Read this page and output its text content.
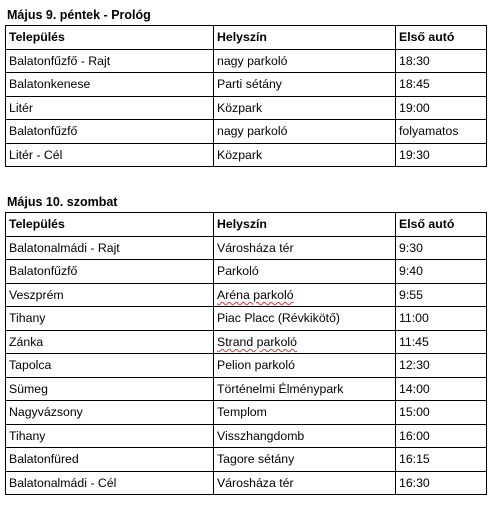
Május 9. péntek - Prológ
Település	Helyszín	Első autó
Balatonfűzfő - Rajt	nagy parkoló	18:30
Balatonkenese	Parti sétány	18:45
Litér	Közpark	19:00
Balatonfűzfő	nagy parkoló	folyamatos
Litér - Cél	Közpark	19:30
Május 10. szombat
Település	Helyszín	Első autó
Balatonalmádi - Rajt	Városháza tér	9:30
Balatonfűzfő	Parkoló	9:40
Veszprém	Aréna parkoló	9:55
Tihany	Piac Placc (Révkikötő)	11:00
Zánka	Strand parkoló	11:45
Tapolca	Pelion parkoló	12:30
Sümeg	Történelmi Élménypark	14:00
Nagyvázsony	Templom	15:00
Tihany	Visszhangdomb	16:00
Balatonfüred	Tagore sétány	16:15
Balatonalmádi - Cél	Városháza tér	16:30
